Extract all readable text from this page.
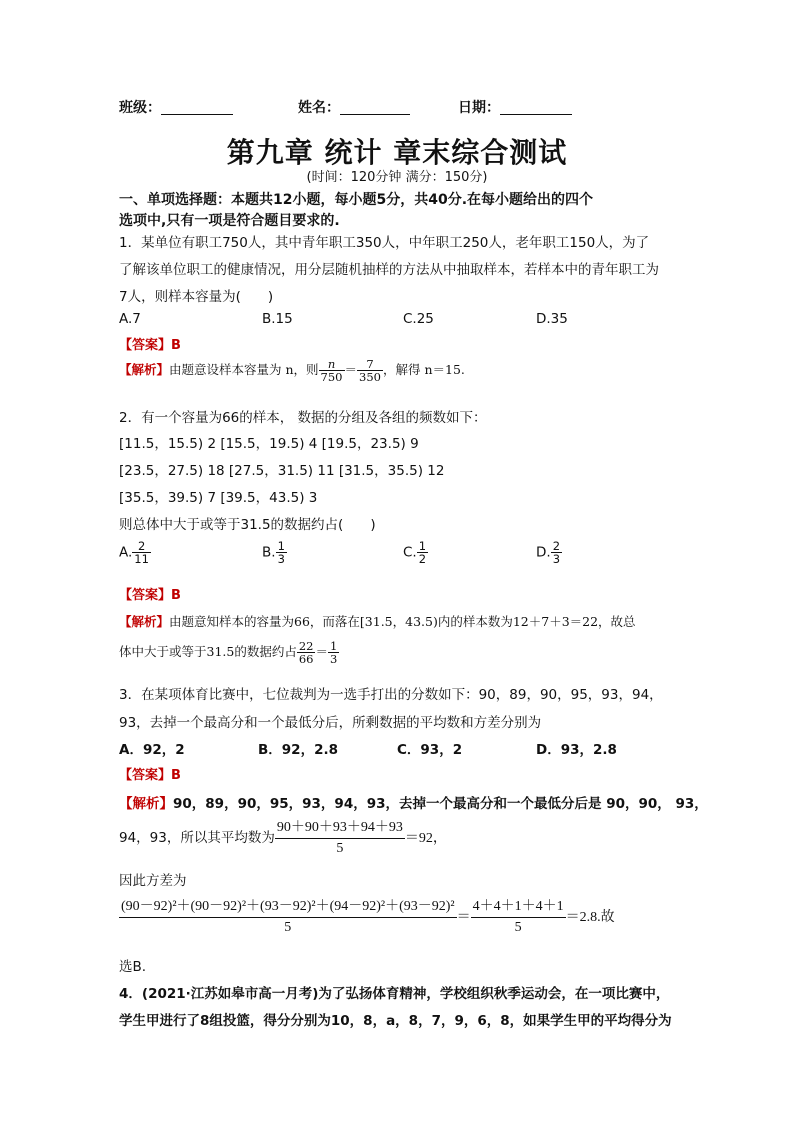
班级：	姓名：	日期：
第九章 统计 章末综合测试
(时间：120分钟 满分：150分)
一、单项选择题：本题共12小题，每小题5分，共40分.在每小题给出的四个
选项中,只有一项是符合题目要求的.
1．某单位有职工750人，其中青年职工350人，中年职工250人，老年职工150人，为了
了解该单位职工的健康情况，用分层随机抽样的方法从中抽取样本，若样本中的青年职工为
7人，则样本容量为(　　)
A.7	B.15	C.25	D.35
【答案】B
【解析】由题意设样本容量为 n，则 $\frac{n}{750} = \frac{7}{350}$ ，解得 n＝15.
2．有一个容量为66的样本， 数据的分组及各组的频数如下：
[11.5，15.5) 2 [15.5，19.5) 4 [19.5，23.5) 9
[23.5，27.5) 18 [27.5，31.5) 11 [31.5，35.5) 12
[35.5，39.5) 7 [39.5，43.5) 3
则总体中大于或等于31.5的数据约占(　　)
A. $\frac{2}{11}$	B. $\frac{1}{3}$	C. $\frac{1}{2}$	D. $\frac{2}{3}$
【答案】B
【解析】由题意知样本的容量为66，而落在[31.5，43.5)内的样本数为12＋7＋3＝22，故总
体中大于或等于31.5的数据约占 $\frac{22}{66} = \frac{1}{3}$
3．在某项体育比赛中，七位裁判为一选手打出的分数如下：90，89，90，95，93，94，
93，去掉一个最高分和一个最低分后，所剩数据的平均数和方差分别为
A．92，2	B．92，2.8	C．93，2	D．93，2.8
【答案】B
【解析】90，89，90，95，93，94，93，去掉一个最高分和一个最低分后是 90，90， 93，
94，93，所以其平均数为 $\frac{90+90+93+94+93}{5} =92$，
因此方差为
$\frac{\text{(90－92)²＋(90－92)²＋(93－92)²＋(94－92)²＋(93－92)²}}{5} = \frac{4+4+1+4+1}{5} =2.8$.故
选B.
4．(2021·江苏如皋市高一月考)为了弘扬体育精神，学校组织秋季运动会，在一项比赛中，
学生甲进行了8组投篮，得分分别为10，8，a，8，7，9，6，8，如果学生甲的平均得分为
